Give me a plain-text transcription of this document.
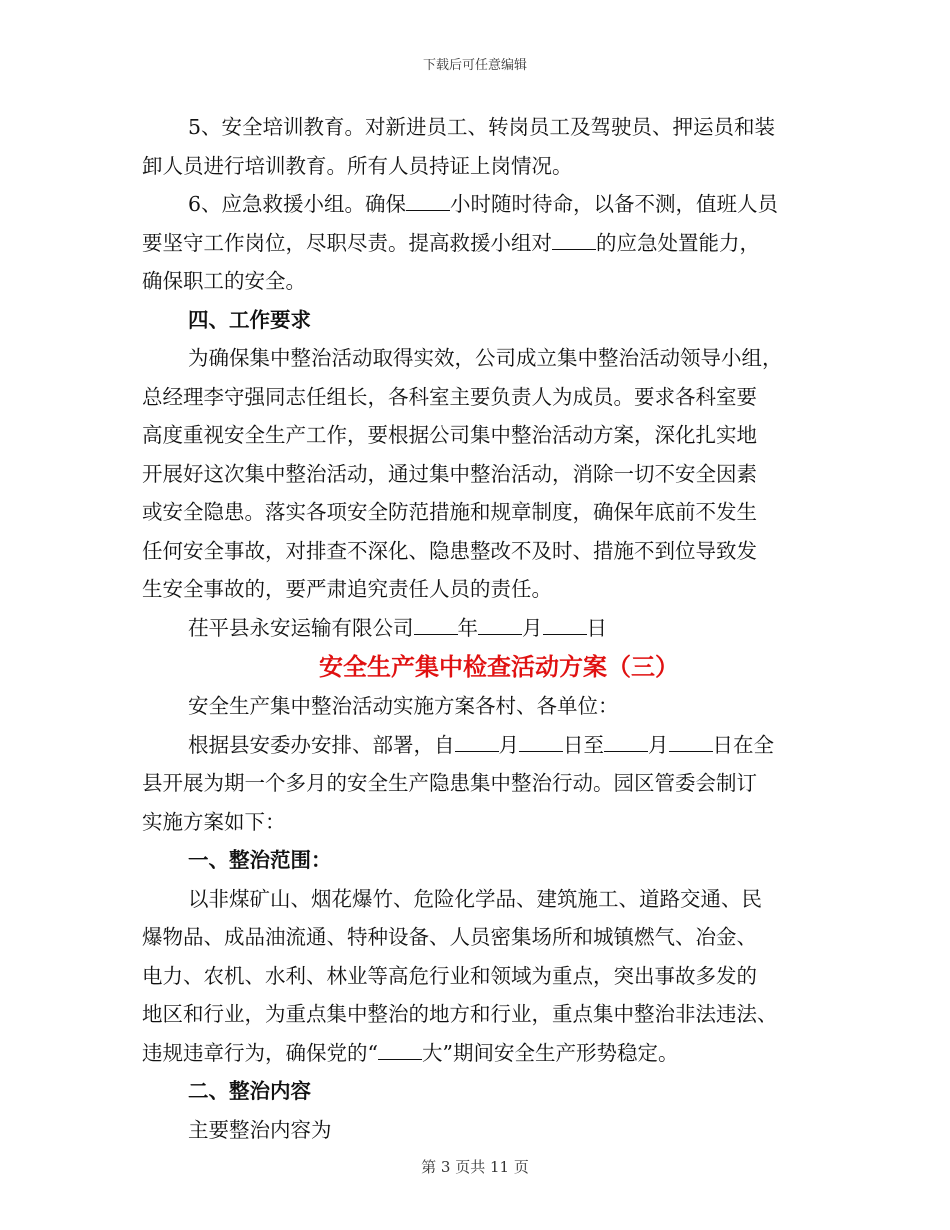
下载后可任意编辑
5、安全培训教育。对新进员工、转岗员工及驾驶员、押运员和装
卸人员进行培训教育。所有人员持证上岗情况。
6、应急救援小组。确保 小时随时待命，以备不测，值班人员
要坚守工作岗位，尽职尽责。提高救援小组对 的应急处置能力，
确保职工的安全。
四、工作要求
为确保集中整治活动取得实效，公司成立集中整治活动领导小组，
总经理李守强同志任组长，各科室主要负责人为成员。要求各科室要
高度重视安全生产工作，要根据公司集中整治活动方案，深化扎实地
开展好这次集中整治活动，通过集中整治活动，消除一切不安全因素
或安全隐患。落实各项安全防范措施和规章制度，确保年底前不发生
任何安全事故，对排查不深化、隐患整改不及时、措施不到位导致发
生安全事故的，要严肃追究责任人员的责任。
茌平县永安运输有限公司 年 月 日
安全生产集中检查活动方案（三）
安全生产集中整治活动实施方案各村、各单位：
根据县安委办安排、部署，自 月 日至 月 日在全
县开展为期一个多月的安全生产隐患集中整治行动。园区管委会制订
实施方案如下：
一、整治范围：
以非煤矿山、烟花爆竹、危险化学品、建筑施工、道路交通、民
爆物品、成品油流通、特种设备、人员密集场所和城镇燃气、冶金、
电力、农机、水利、林业等高危行业和领域为重点，突出事故多发的
地区和行业，为重点集中整治的地方和行业，重点集中整治非法违法、
违规违章行为，确保党的“ 大”期间安全生产形势稳定。
二、整治内容
主要整治内容为
第 3 页共 11 页
